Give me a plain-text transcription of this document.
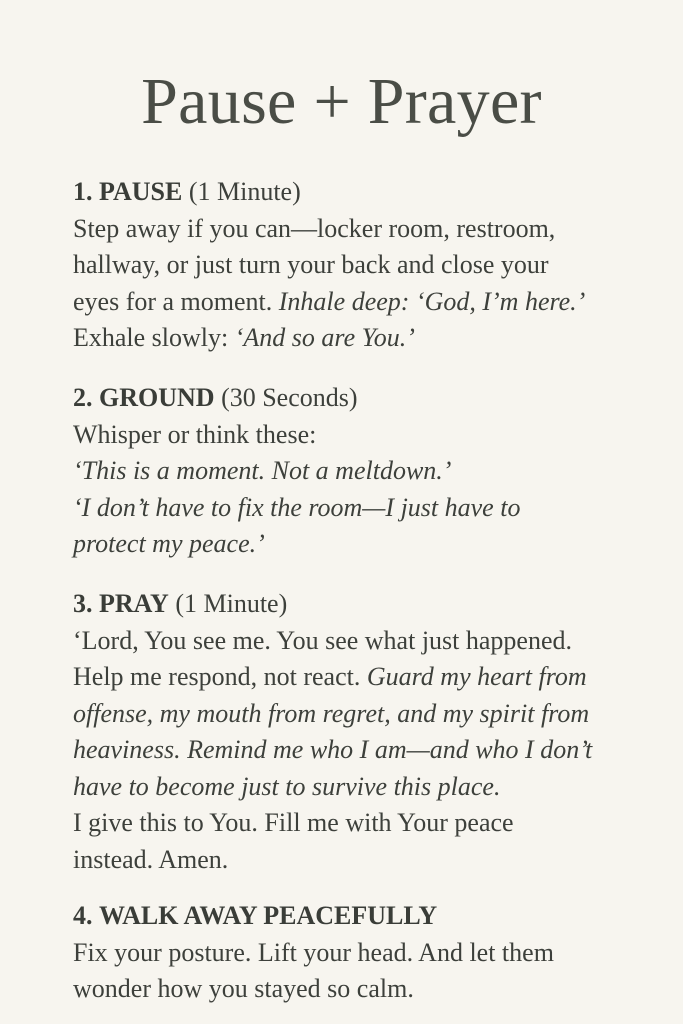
Pause + Prayer

1. PAUSE (1 Minute)

Step away if you can—locker room, restroom,

hallway, or just turn your back and close your

eyes for a moment. Inhale deep: ‘God, I’m here.’

Exhale slowly: ‘And so are You.’

2. GROUND (30 Seconds)

Whisper or think these:

‘This is a moment. Not a meltdown.’

‘I don’t have to fix the room—I just have to

protect my peace.’

3. PRAY (1 Minute)

‘Lord, You see me. You see what just happened.

Help me respond, not react. Guard my heart from

offense, my mouth from regret, and my spirit from

heaviness. Remind me who I am—and who I don’t

have to become just to survive this place.

I give this to You. Fill me with Your peace

instead. Amen.

4. WALK AWAY PEACEFULLY

Fix your posture. Lift your head. And let them

wonder how you stayed so calm.
